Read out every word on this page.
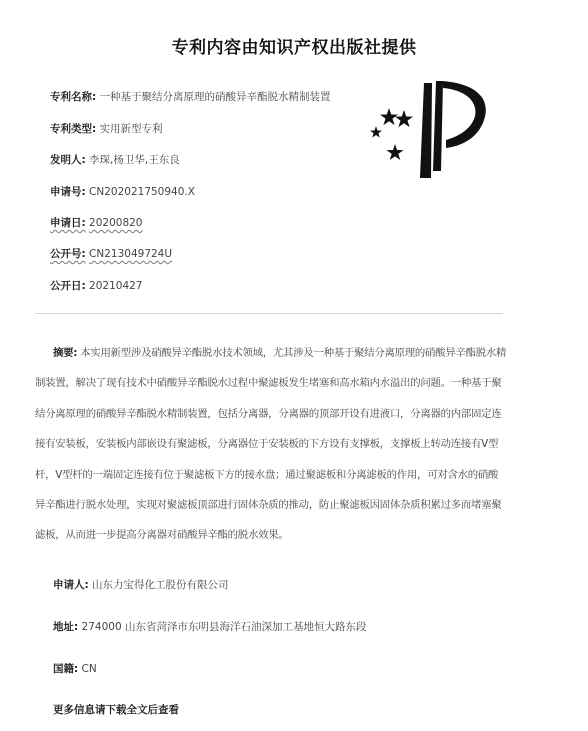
专利内容由知识产权出版社提供
专利名称: 一种基于聚结分离原理的硝酸异辛酯脱水精制装置
专利类型: 实用新型专利
发明人: 李琛,杨卫华,王东良
申请号: CN202021750940.X
申请日: 20200820
公开号: CN213049724U
公开日: 20210427
摘要: 本实用新型涉及硝酸异辛酯脱水技术领域，尤其涉及一种基于聚结分离原理的硝酸异辛酯脱水精制装置，解决了现有技术中硝酸异辛酯脱水过程中聚滤板发生堵塞和高水箱内水溢出的问题。一种基于聚结分离原理的硝酸异辛酯脱水精制装置，包括分离器，分离器的顶部开设有进液口，分离器的内部固定连接有安装板，安装板内部嵌设有聚滤板，分离器位于安装板的下方设有支撑板，支撑板上转动连接有V型杆，V型杆的一端固定连接有位于聚滤板下方的接水盘；通过聚滤板和分离滤板的作用，可对含水的硝酸异辛酯进行脱水处理，实现对聚滤板顶部进行固体杂质的推动，防止聚滤板因固体杂质积累过多而堵塞聚滤板，从而进一步提高分离器对硝酸异辛酯的脱水效果。
申请人: 山东力宝得化工股份有限公司
地址: 274000 山东省菏泽市东明县海洋石油深加工基地恒大路东段
国籍: CN
更多信息请下载全文后查看
